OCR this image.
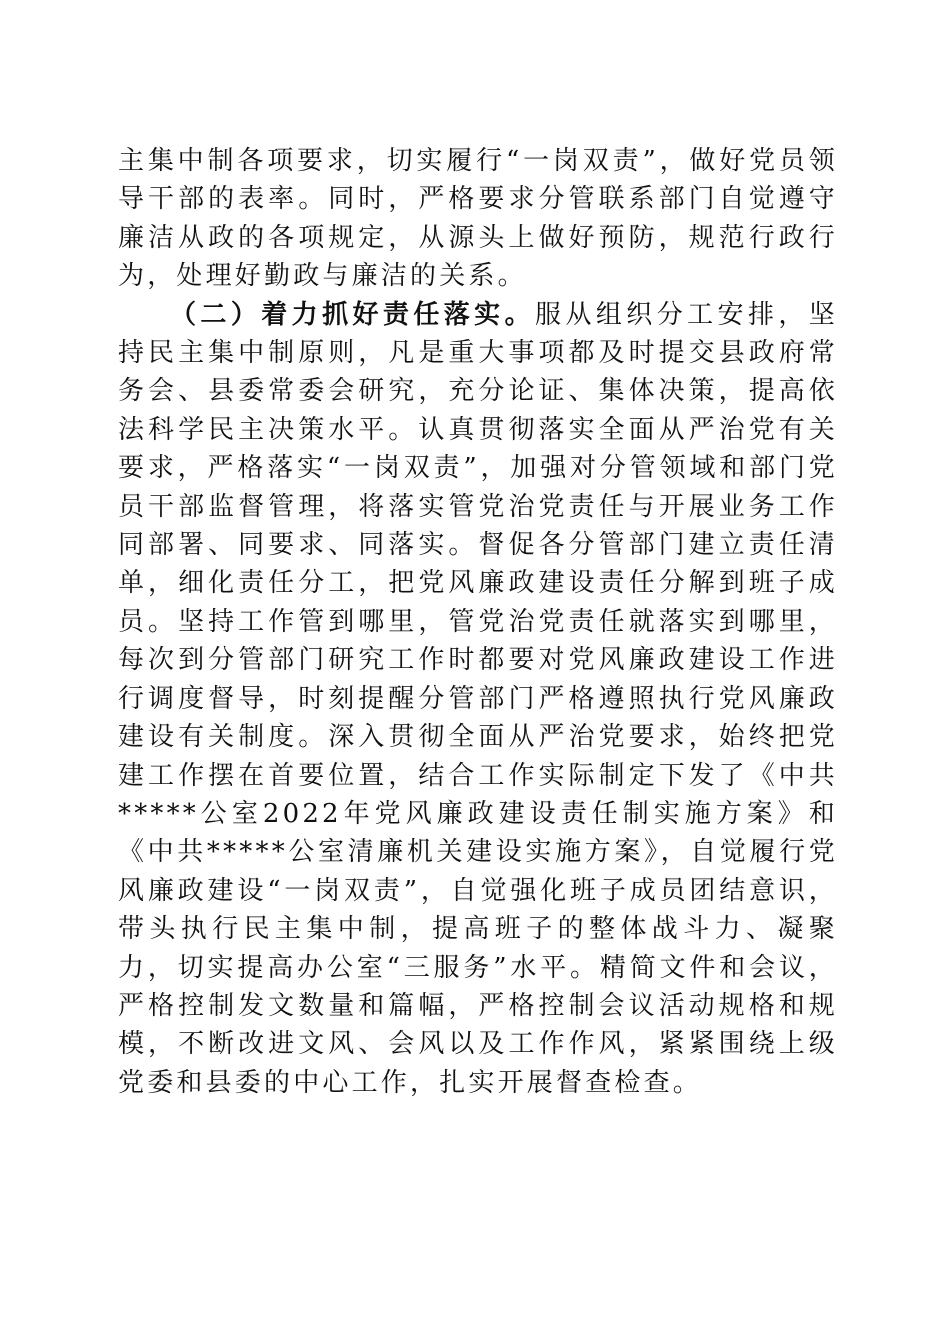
主集中制各项要求，切实履行“一岗双责”，做好党员领导干部的表率。同时，严格要求分管联系部门自觉遵守廉洁从政的各项规定，从源头上做好预防，规范行政行为，处理好勤政与廉洁的关系。

（二）着力抓好责任落实。服从组织分工安排，坚持民主集中制原则，凡是重大事项都及时提交县政府常务会、县委常委会研究，充分论证、集体决策，提高依法科学民主决策水平。认真贯彻落实全面从严治党有关要求，严格落实“一岗双责”，加强对分管领域和部门党员干部监督管理，将落实管党治党责任与开展业务工作同部署、同要求、同落实。督促各分管部门建立责任清单，细化责任分工，把党风廉政建设责任分解到班子成员。坚持工作管到哪里，管党治党责任就落实到哪里，每次到分管部门研究工作时都要对党风廉政建设工作进行调度督导，时刻提醒分管部门严格遵照执行党风廉政建设有关制度。深入贯彻全面从严治党要求，始终把党建工作摆在首要位置，结合工作实际制定下发了《中共*****公室2022年党风廉政建设责任制实施方案》和《中共*****公室清廉机关建设实施方案》，自觉履行党风廉政建设“一岗双责”，自觉强化班子成员团结意识，带头执行民主集中制，提高班子的整体战斗力、凝聚力，切实提高办公室“三服务”水平。精简文件和会议，严格控制发文数量和篇幅，严格控制会议活动规格和规模，不断改进文风、会风以及工作作风，紧紧围绕上级党委和县委的中心工作，扎实开展督查检查。
